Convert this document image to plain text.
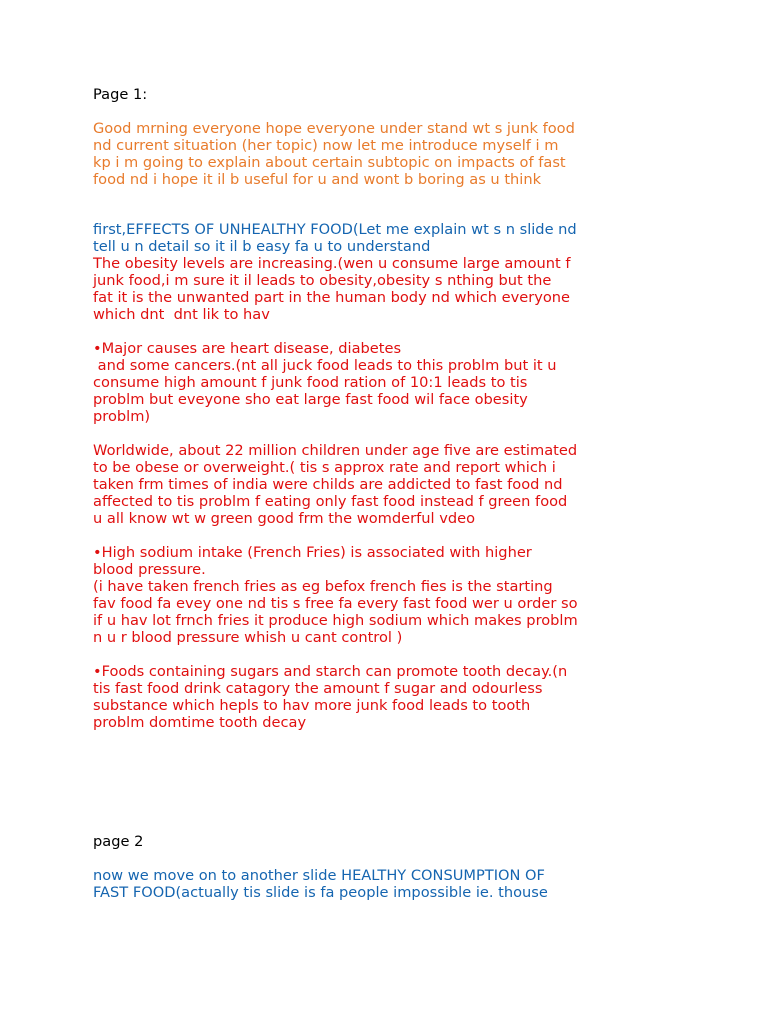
Page 1:
Good mrning everyone hope everyone under stand wt s junk food
nd current situation (her topic) now let me introduce myself i m
kp i m going to explain about certain subtopic on impacts of fast
food nd i hope it il b useful for u and wont b boring as u think
first,EFFECTS OF UNHEALTHY FOOD(Let me explain wt s n slide nd
tell u n detail so it il b easy fa u to understand
The obesity levels are increasing.(wen u consume large amount f
junk food,i m sure it il leads to obesity,obesity s nthing but the
fat it is the unwanted part in the human body nd which everyone
which dnt  dnt lik to hav
•Major causes are heart disease, diabetes
and some cancers.(nt all juck food leads to this problm but it u
consume high amount f junk food ration of 10:1 leads to tis
problm but eveyone sho eat large fast food wil face obesity
problm)
Worldwide, about 22 million children under age five are estimated
to be obese or overweight.( tis s approx rate and report which i
taken frm times of india were childs are addicted to fast food nd
affected to tis problm f eating only fast food instead f green food
u all know wt w green good frm the womderful vdeo
•High sodium intake (French Fries) is associated with higher
blood pressure.
(i have taken french fries as eg befox french fies is the starting
fav food fa evey one nd tis s free fa every fast food wer u order so
if u hav lot frnch fries it produce high sodium which makes problm
n u r blood pressure whish u cant control )
•Foods containing sugars and starch can promote tooth decay.(n
tis fast food drink catagory the amount f sugar and odourless
substance which hepls to hav more junk food leads to tooth
problm domtime tooth decay
page 2
now we move on to another slide HEALTHY CONSUMPTION OF
FAST FOOD(actually tis slide is fa people impossible ie. thouse
